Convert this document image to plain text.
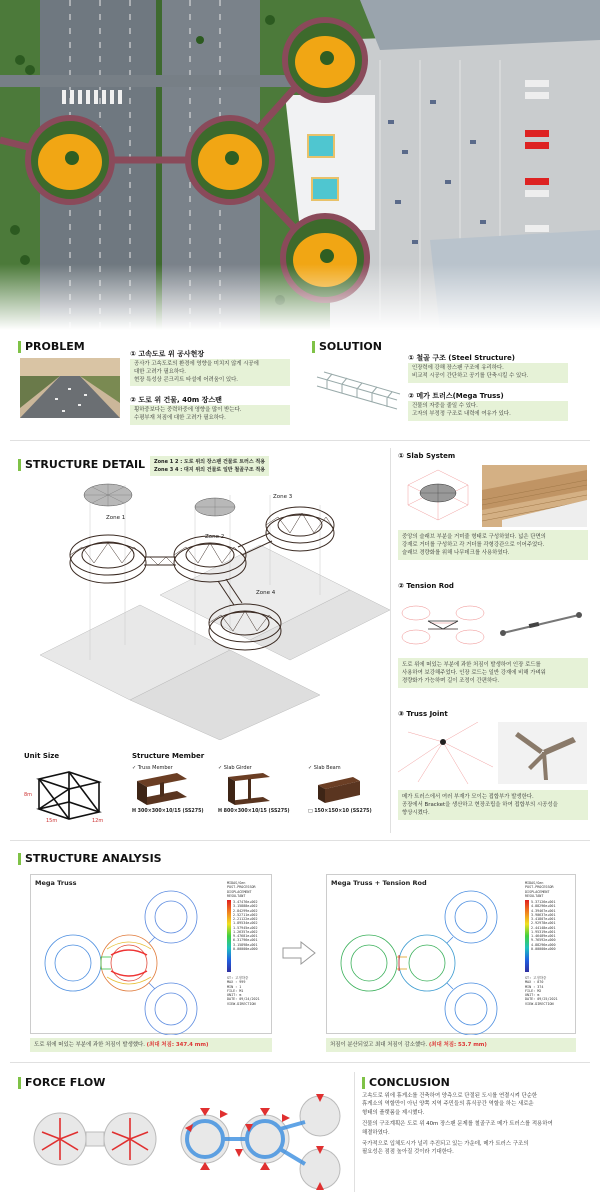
PROBLEM
① 고속도로 위 공사현장
공사가 고속도로의 환경에 영향을 미치지 않게 시공에
대한 고려가 필요하다.
현장 특성상 콘크리트 타설에 어려움이 있다.
② 도로 위 건물, 40m 장스팬
횡하중보다는 중력하중에 영향을 많이 받는다.
수평부재 처짐에 대한 고려가 필요하다.
SOLUTION
① 철골 구조 (Steel Structure)
인장력에 강해 장스팬 구조에 유리하다.
비교적 시공이 간단하고 공기를 단축시킬 수 있다.
② 메가 트러스(Mega Truss)
건물의 자중을 줄일 수 있다.
고자의 부정정 구조로 내력에 여유가 있다.
STRUCTURE DETAIL Zone 1 2 : 도로 위의 장스팬 건물로 트러스 적용
Zone 3 4 : 대지 위의 건물로 일반 철골구조 적용
Zone 1
Zone 2
Zone 3
Zone 4
Unit Size
8m
15m	12m
Structure Member
✓ Truss Member
H 300×300×10/15 (SS275)
✓ Slab Girder
H 800×300×10/15 (SS275)
✓ Slab Beam
□ 150×150×10 (SS275)
① Slab System
중앙의 슬래브 부분을 거미줄 형태로 구성하였다. 넓은 단면의
강재로 거더를 구성하고 각 거더를 각형강관으로 이어주었다.
슬래브 경량화를 위해 나무데크를 사용하였다.
② Tension Rod
도로 위에 떠있는 부분에 과한 처짐이 발생하여 인장 로드를
사용하여 보강해주었다. 인장 로드는 일반 강재에 비해 가벼워
경량화가 가능하며 길이 조정이 간편하다.
③ Truss Joint
메가 트러스에서 여러 부재가 모이는 접합부가 발생한다.
공장에서 Bracket을 생산하고 현장조립을 하여 접합부의 시공성을
향상시켰다.
STRUCTURE ANALYSIS
Mega Truss	MIDAS/Gen
POST-PROCESSOR
DISPLACEMENT
RESULTANT
3.47476e+002
3.15888e+002
2.84299e+002
2.52711e+002
2.21122e+002
1.89534e+002
1.57945e+002
1.26357e+002
9.47681e+001
6.31796e+001
3.15898e+001
0.00000e+000
ST: 고정하중
MAX : 999
MIN : 1
FILE: M1
UNIT: m
DATE: 09/24/2021
VIEW-DIRECTION
Mega Truss + Tension Rod	MIDAS/Gen
POST-PROCESSOR
DISPLACEMENT
RESULTANT
5.37126e+001
4.88296e+001
4.39467e+001
3.90637e+001
3.41807e+001
2.92978e+001
2.44148e+001
1.95319e+001
1.46489e+001
9.76592e+000
4.88296e+000
0.00000e+000
ST: 고정하중
MAX : 870
MIN : 374
FILE: M2
UNIT: m
DATE: 09/25/2021
VIEW-DIRECTION
도로 위에 떠있는 부분에 과한 처짐이 발생했다. (최대 처짐: 347.4 mm)	처짐이 분산되었고 최대 처짐이 감소했다. (최대 처짐: 53.7 mm)
FORCE FLOW	CONCLUSION
고속도로 위에 휴게소를 건축하여 양측으로 단절된 도시를 연결시켜 단순한
휴게소의 역할만이 아닌 양쪽 지역 주민들의 휴식공간 역할을 하는 새로운
형태의 플랫폼을 제시했다.
건물의 구조계획은 도로 위 40m 장스팬 문제를 철골구조 메가 트러스를 적용하여
해결하였다.
국가적으로 입체도시가 널리 추진되고 있는 가운데, 메가 트러스 구조의
필요성은 점점 높아질 것이라 기대한다.
